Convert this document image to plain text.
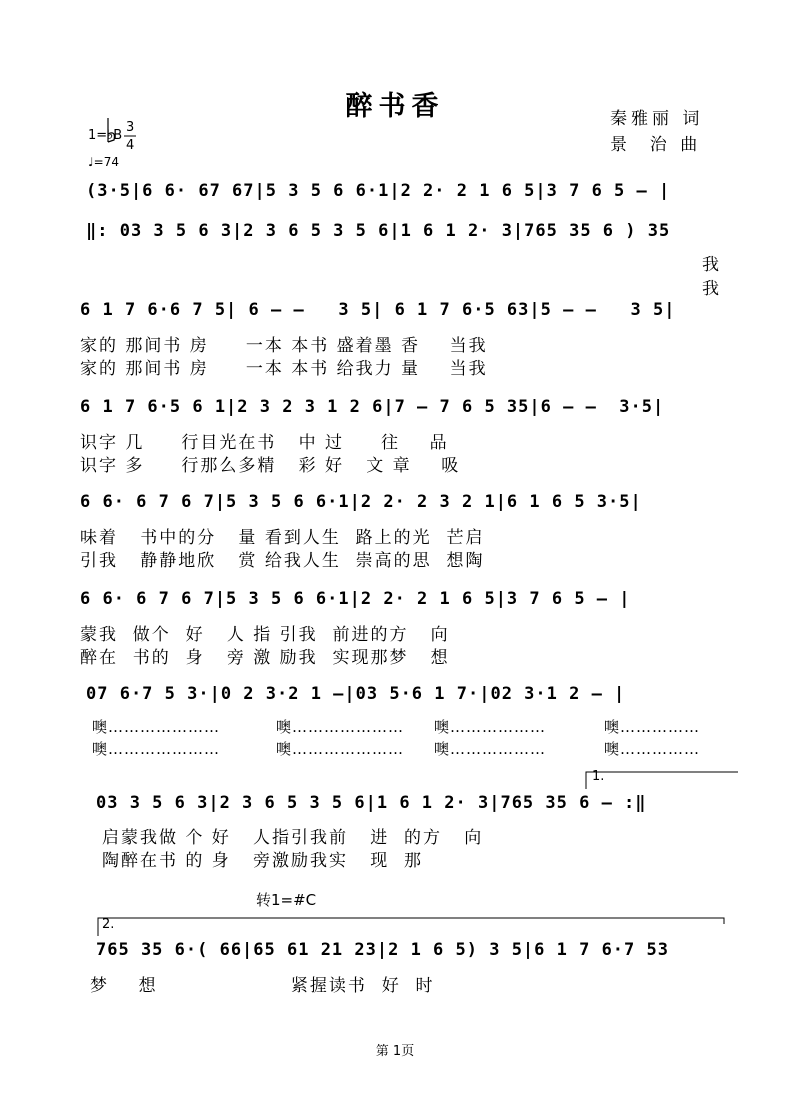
醉书香	秦雅丽 词
景  治 曲
1=♭B
3
4
♩=74
(3·5|6 6· 67 67|5 3 5 6 6·1|2 2· 2 1 6 5|3 7 6 5 – |
‖: 03 3 5 6 3|2 3 6 5 3 5 6|1 6 1 2· 3|765 35 6 ) 35
我
我
6 1 7 6·6 7 5| 6 – –   3 5| 6 1 7 6·5 63|5 – –   3 5|
家的 那间书 房     一本 本书 盛着墨 香    当我
家的 那间书 房     一本 本书 给我力 量    当我
6 1 7 6·5 6 1|2 3 2 3 1 2 6|7 – 7 6 5 35|6 – –  3·5|
识字 几     行目光在书   中 过     往    品
识字 多     行那么多精   彩 好   文 章    吸
6 6· 6 7 6 7|5 3 5 6 6·1|2 2· 2 3 2 1|6 1 6 5 3·5|
味着   书中的分   量 看到人生  路上的光  芒启
引我   静静地欣   赏 给我人生  崇高的思  想陶
6 6· 6 7 6 7|5 3 5 6 6·1|2 2· 2 1 6 5|3 7 6 5 – |
蒙我  做个  好   人 指 引我  前进的方   向
醉在  书的  身   旁 激 励我  实现那梦   想
07 6·7 5 3·|0 2 3·2 1 –|03 5·6 1 7·|02 3·1 2 – |
噢…………………	噢………………… 噢………………	噢……………
噢…………………	噢………………… 噢………………	噢……………
1.
03 3 5 6 3|2 3 6 5 3 5 6|1 6 1 2· 3|765 35 6 – :‖
启蒙我做 个 好   人指引我前   进  的方   向
陶醉在书 的 身   旁激励我实   现  那
转1=#C
2.
765 35 6·( 66|65 61 21 23|2 1 6 5) 3 5|6 1 7 6·7 53
梦    想                  紧握读书  好  时
第 1页
